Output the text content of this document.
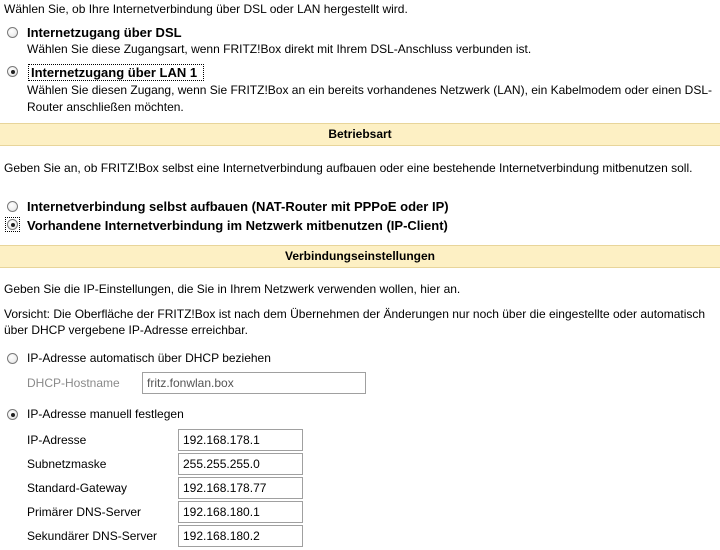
Wählen Sie, ob Ihre Internetverbindung über DSL oder LAN hergestellt wird.
Internetzugang über DSL
Wählen Sie diese Zugangsart, wenn FRITZ!Box direkt mit Ihrem DSL-Anschluss verbunden ist.
Internetzugang über LAN 1
Wählen Sie diesen Zugang, wenn Sie FRITZ!Box an ein bereits vorhandenes Netzwerk (LAN), ein Kabelmodem oder einen DSL-Router anschließen möchten.
Betriebsart
Geben Sie an, ob FRITZ!Box selbst eine Internetverbindung aufbauen oder eine bestehende Internetverbindung mitbenutzen soll.
Internetverbindung selbst aufbauen (NAT-Router mit PPPoE oder IP)
Vorhandene Internetverbindung im Netzwerk mitbenutzen (IP-Client)
Verbindungseinstellungen
Geben Sie die IP-Einstellungen, die Sie in Ihrem Netzwerk verwenden wollen, hier an.
Vorsicht: Die Oberfläche der FRITZ!Box ist nach dem Übernehmen der Änderungen nur noch über die eingestellte oder automatisch über DHCP vergebene IP-Adresse erreichbar.
IP-Adresse automatisch über DHCP beziehen
DHCP-Hostname
fritz.fonwlan.box
IP-Adresse manuell festlegen
IP-Adresse
192.168.178.1
Subnetzmaske
255.255.255.0
Standard-Gateway
192.168.178.77
Primärer DNS-Server
192.168.180.1
Sekundärer DNS-Server
192.168.180.2
